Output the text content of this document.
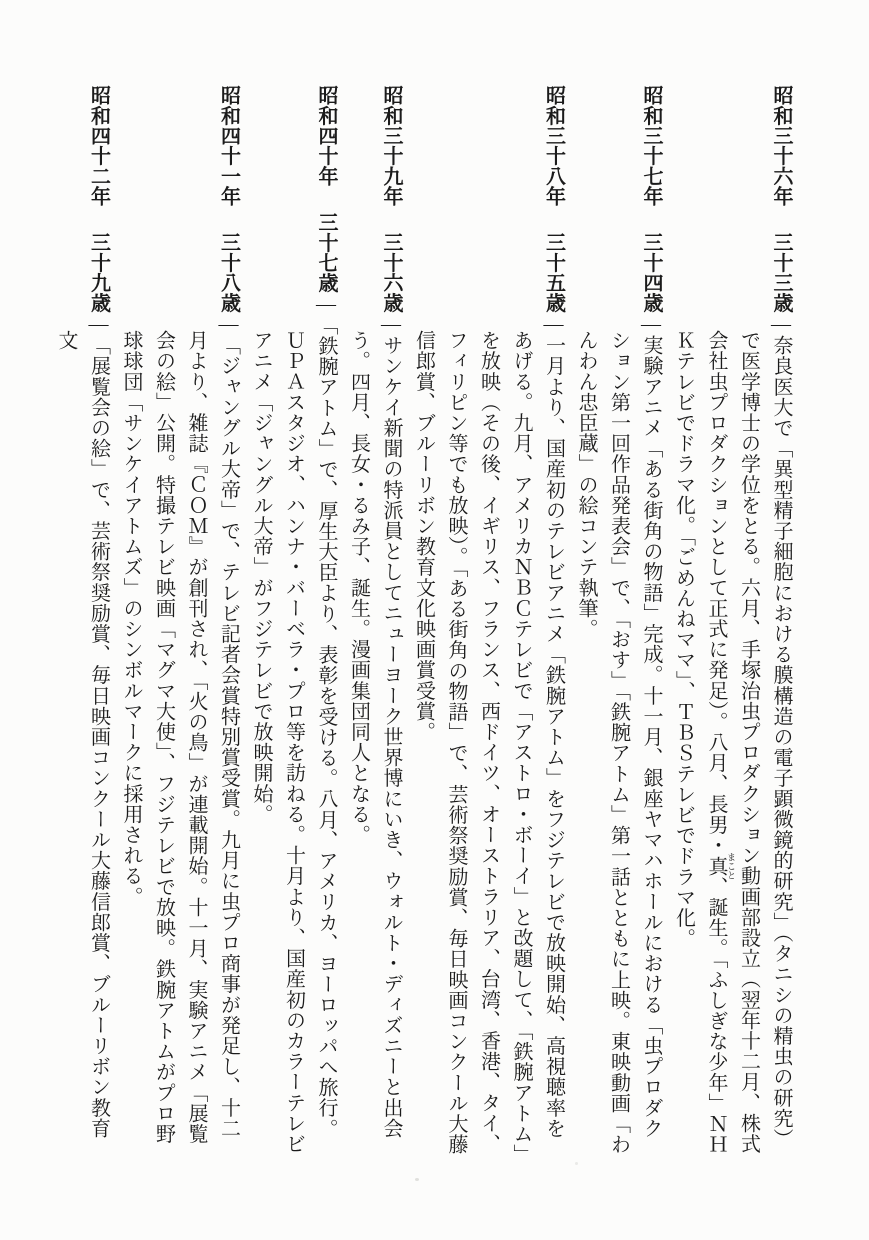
昭和三十六年三十三歳―奈良医大で「異型精子細胞における膜構造の電子顕微鏡的研究」（タニシの精虫の研究）で医学博士の学位をとる。六月、手塚治虫プロダクション動画部設立（翌年十二月、株式会社虫プロダクションとして正式に発足）。八月、長男・真 まこと、誕生。「ふしぎな少年」ＮＨＫテレビでドラマ化。「ごめんねママ」、ＴＢＳテレビでドラマ化。
昭和三十七年三十四歳―実験アニメ「ある街角の物語」完成。十一月、銀座ヤマハホールにおける「虫プロダクション第一回作品発表会」で、「おす」「鉄腕アトム」第一話とともに上映。東映動画「わんわん忠臣蔵」の絵コンテ執筆。
昭和三十八年三十五歳―一月より、国産初のテレビアニメ「鉄腕アトム」をフジテレビで放映開始、高視聴率をあげる。九月、アメリカＮＢＣテレビで「アストロ・ボーイ」と改題して、「鉄腕アトム」を放映（その後、イギリス、フランス、西ドイツ、オーストラリア、台湾、香港、タイ、フィリピン等でも放映）。「ある街角の物語」で、芸術祭奨励賞、毎日映画コンクール大藤信郎賞、ブルーリボン教育文化映画賞受賞。
昭和三十九年三十六歳―サンケイ新聞の特派員としてニューヨーク世界博にいき、ウォルト・ディズニーと出会う。四月、長女・るみ子、誕生。漫画集団同人となる。
昭和四十年三十七歳―「鉄腕アトム」で、厚生大臣より、表彰を受ける。八月、アメリカ、ヨーロッパへ旅行。ＵＰＡスタジオ、ハンナ・バーベラ・プロ等を訪ねる。十月より、国産初のカラーテレビアニメ「ジャングル大帝」がフジテレビで放映開始。
昭和四十一年三十八歳―「ジャングル大帝」で、テレビ記者会賞特別賞受賞。九月に虫プロ商事が発足し、十二月より、雑誌『ＣＯＭ』が創刊され、「火の鳥」が連載開始。十一月、実験アニメ「展覧会の絵」公開。特撮テレビ映画「マグマ大使」、フジテレビで放映。鉄腕アトムがプロ野球球団「サンケイアトムズ」のシンボルマークに採用される。
昭和四十二年三十九歳―「展覧会の絵」で、芸術祭奨励賞、毎日映画コンクール大藤信郎賞、ブルーリボン教育文
